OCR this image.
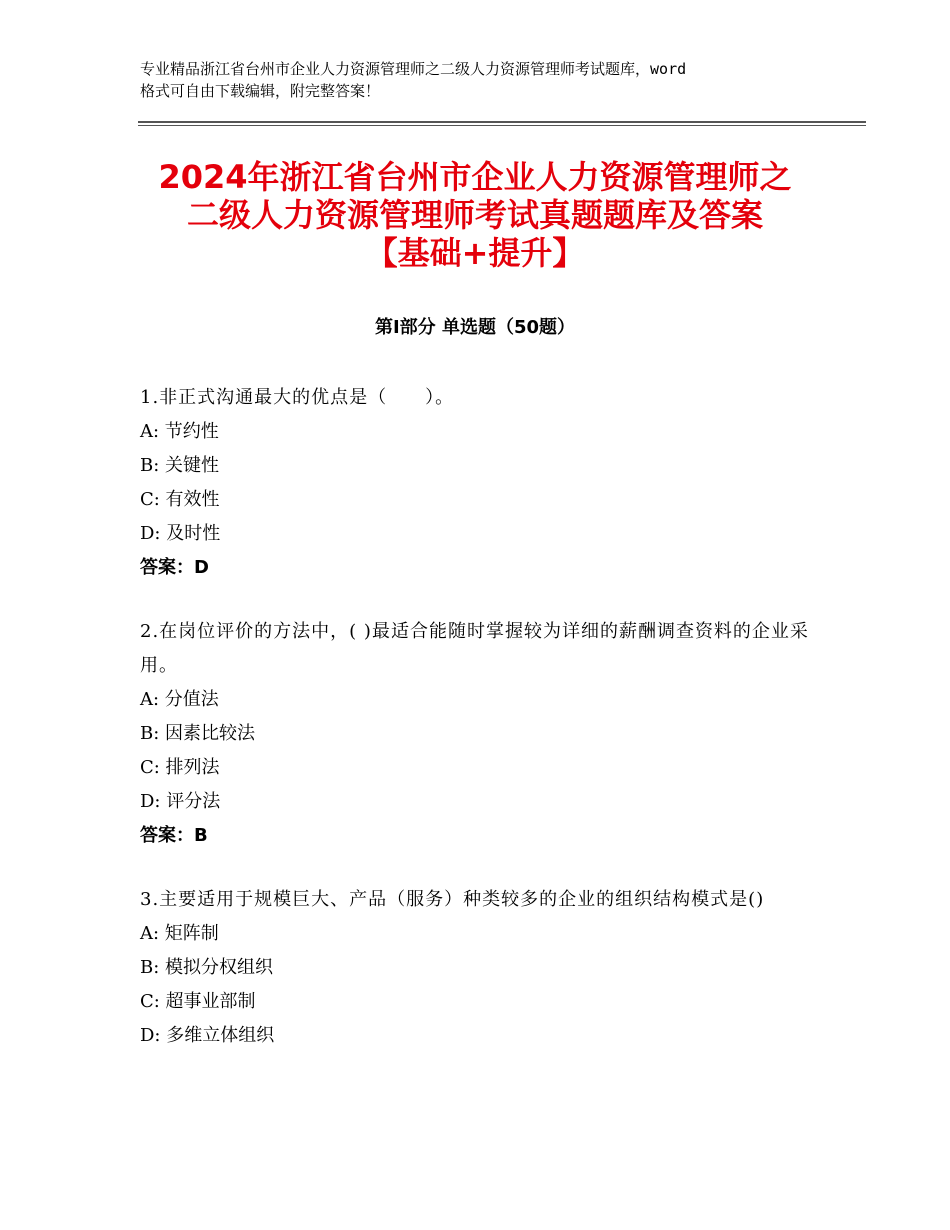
专业精品浙江省台州市企业人力资源管理师之二级人力资源管理师考试题库，word
格式可自由下载编辑，附完整答案！
2024年浙江省台州市企业人力资源管理师之
二级人力资源管理师考试真题题库及答案
【基础+提升】
第Ⅰ部分 单选题（50题）
1.非正式沟通最大的优点是（　　）。
A: 节约性
B: 关键性
C: 有效性
D: 及时性
答案：D
2.在岗位评价的方法中，( )最适合能随时掌握较为详细的薪酬调查资料的企业采用。
A: 分值法
B: 因素比较法
C: 排列法
D: 评分法
答案：B
3.主要适用于规模巨大、产品（服务）种类较多的企业的组织结构模式是()
A: 矩阵制
B: 模拟分权组织
C: 超事业部制
D: 多维立体组织
